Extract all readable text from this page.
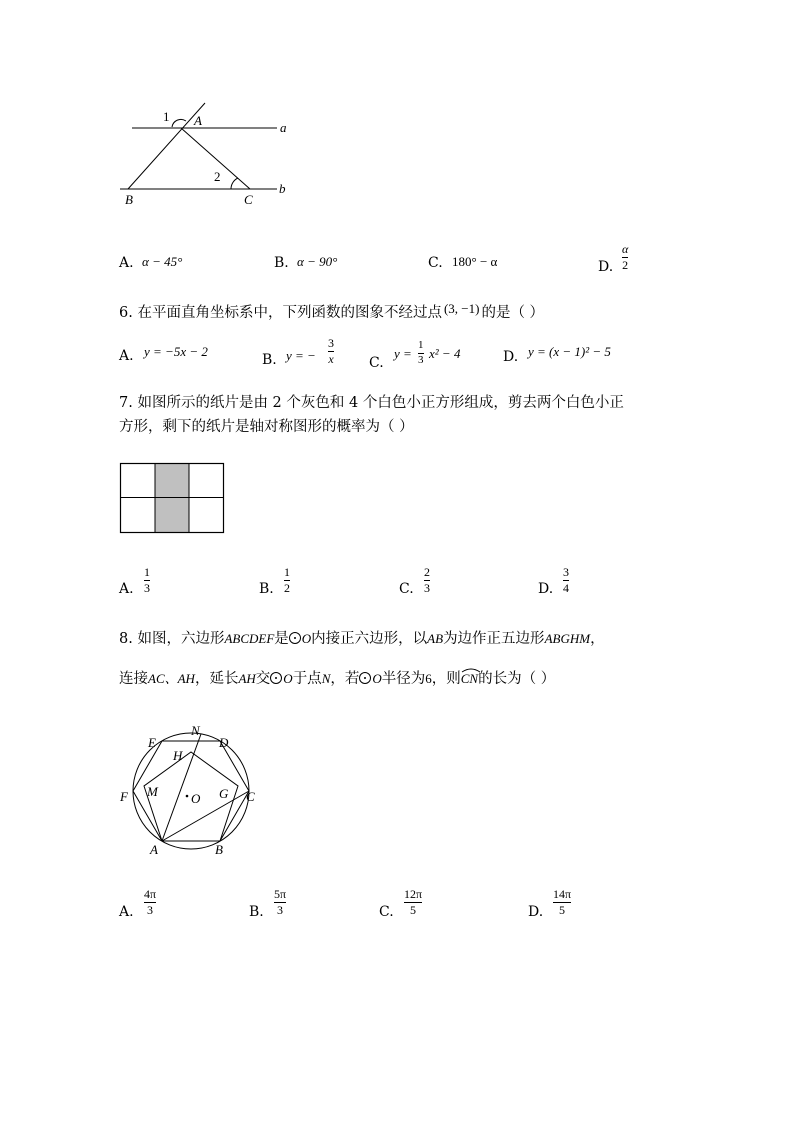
1 A	a
2
b
B	C
A. α − 45°	B. α − 90°	C. 180° − α	D.
α
2
6. 在平面直角坐标系中，下列函数的图象不经过点 (3, −1) 的是（ ）
A. y = −5x − 2
B. y = −
3
x	C.
y =
1
3 x² − 4	D. y = (x − 1)² − 5
7. 如图所示的纸片是由 2 个灰色和 4 个白色小正方形组成，剪去两个白色小正
方形，剩下的纸片是轴对称图形的概率为（ ）
A.
1
3	B.
1
2	C.
2
3	D.
3
4
8. 如图，六边形ABCDEF是 O内接正六边形，以AB为边作正五边形ABGHM，
连接AC、AH，延长AH交 O于点N，若 O半径为6，则CN
的长为（ ）
E
N
D
H
F M	O G C
A	B
A.
4π
3	B.
5π
3	C.
12π
5	D.
14π
5
